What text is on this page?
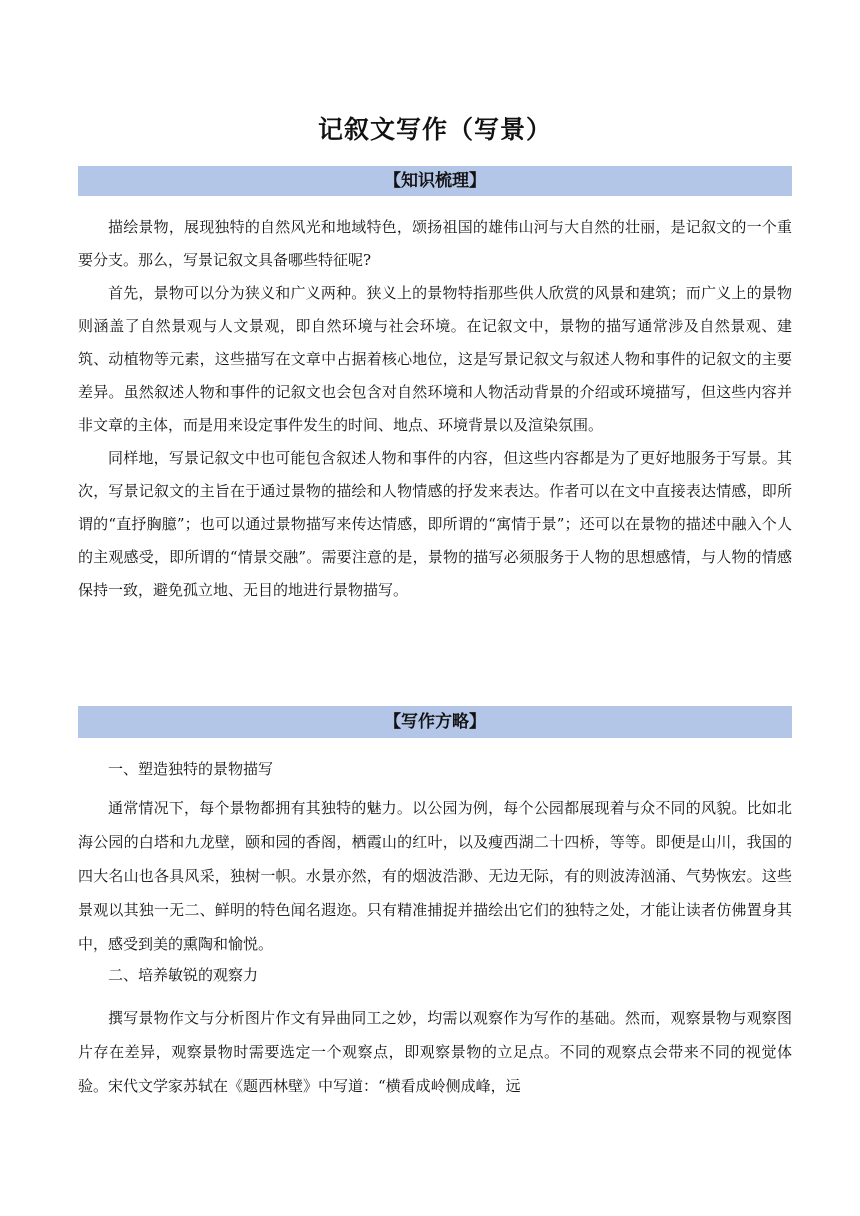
记叙文写作（写景）
【知识梳理】

描绘景物，展现独特的自然风光和地域特色，颂扬祖国的雄伟山河与大自然的壮丽，是记叙文的一个重要分支。那么，写景记叙文具备哪些特征呢?

首先，景物可以分为狭义和广义两种。狭义上的景物特指那些供人欣赏的风景和建筑；而广义上的景物则涵盖了自然景观与人文景观，即自然环境与社会环境。在记叙文中，景物的描写通常涉及自然景观、建筑、动植物等元素，这些描写在文章中占据着核心地位，这是写景记叙文与叙述人物和事件的记叙文的主要差异。虽然叙述人物和事件的记叙文也会包含对自然环境和人物活动背景的介绍或环境描写，但这些内容并非文章的主体，而是用来设定事件发生的时间、地点、环境背景以及渲染氛围。

同样地，写景记叙文中也可能包含叙述人物和事件的内容，但这些内容都是为了更好地服务于写景。其次，写景记叙文的主旨在于通过景物的描绘和人物情感的抒发来表达。作者可以在文中直接表达情感，即所谓的“直抒胸臆”；也可以通过景物描写来传达情感，即所谓的“寓情于景”；还可以在景物的描述中融入个人的主观感受，即所谓的“情景交融”。需要注意的是，景物的描写必须服务于人物的思想感情，与人物的情感保持一致，避免孤立地、无目的地进行景物描写。

【写作方略】

一、塑造独特的景物描写

通常情况下，每个景物都拥有其独特的魅力。以公园为例，每个公园都展现着与众不同的风貌。比如北海公园的白塔和九龙壁，颐和园的香阁，栖霞山的红叶，以及瘦西湖二十四桥，等等。即便是山川，我国的四大名山也各具风采，独树一帜。水景亦然，有的烟波浩渺、无边无际，有的则波涛汹涌、气势恢宏。这些景观以其独一无二、鲜明的特色闻名遐迩。只有精准捕捉并描绘出它们的独特之处，才能让读者仿佛置身其中，感受到美的熏陶和愉悦。

二、培养敏锐的观察力

撰写景物作文与分析图片作文有异曲同工之妙，均需以观察作为写作的基础。然而，观察景物与观察图片存在差异，观察景物时需要选定一个观察点，即观察景物的立足点。不同的观察点会带来不同的视觉体验。宋代文学家苏轼在《题西林壁》中写道：“横看成岭侧成峰，远
